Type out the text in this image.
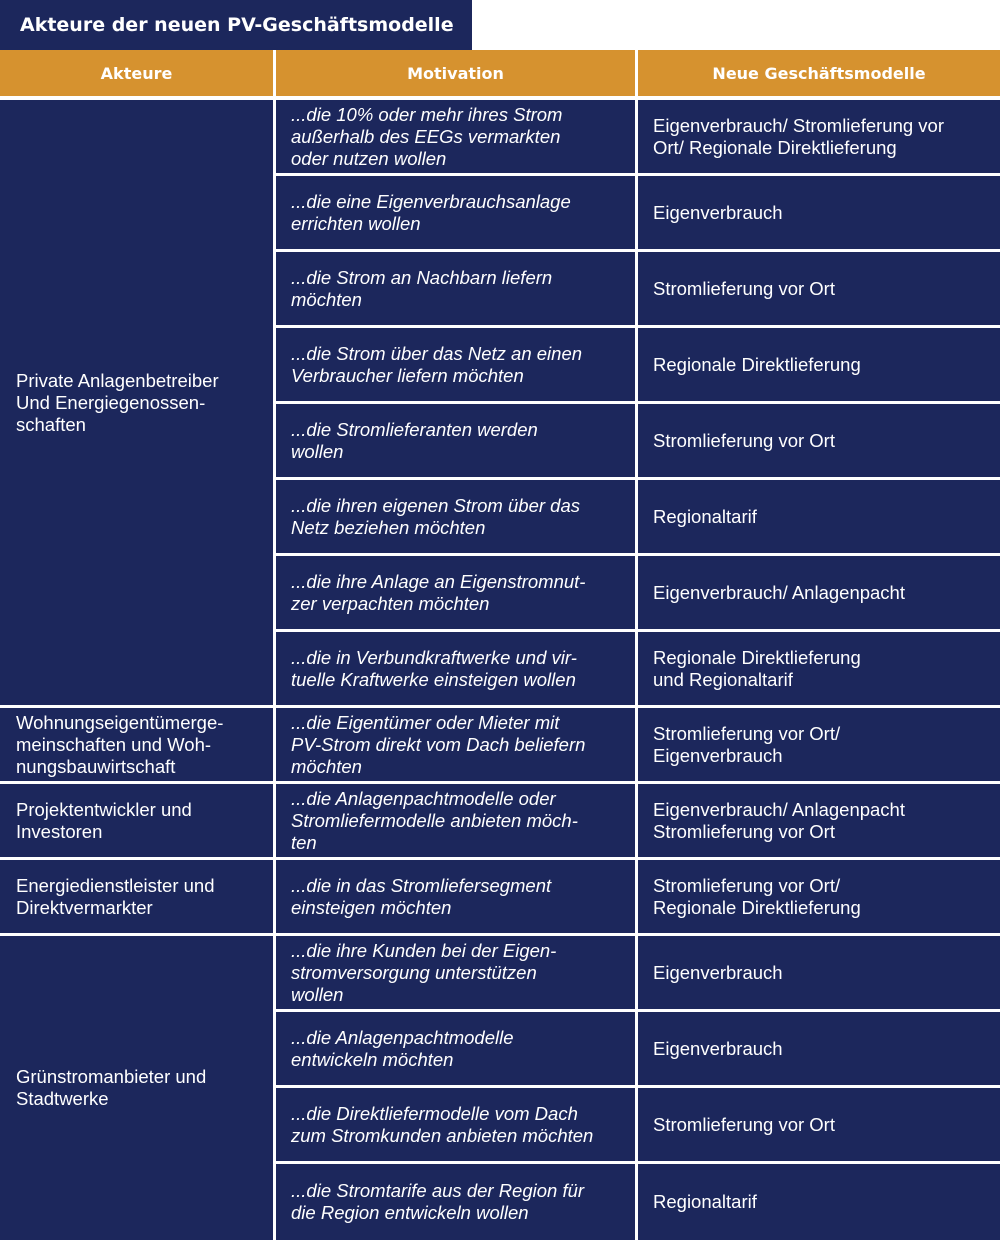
Akteure der neuen PV-Geschäftsmodelle
Akteure	Motivation	Neue Geschäftsmodelle
Private Anlagenbetreiber
Und Energiegenossen-
schaften
Wohnungseigentümerge-
meinschaften und Woh-
nungsbauwirtschaft
Projektentwickler und
Investoren
Energiedienstleister und
Direktvermarkter
Grünstromanbieter und
Stadtwerke
...die 10% oder mehr ihres Strom
außerhalb des EEGs vermarkten
oder nutzen wollen
Eigenverbrauch/ Stromlieferung vor
Ort/ Regionale Direktlieferung
...die eine Eigenverbrauchsanlage
errichten wollen
Eigenverbrauch
...die Strom an Nachbarn liefern
möchten
Stromlieferung vor Ort
...die Strom über das Netz an einen
Verbraucher liefern möchten
Regionale Direktlieferung
...die Stromlieferanten werden
wollen
Stromlieferung vor Ort
...die ihren eigenen Strom über das
Netz beziehen möchten
Regionaltarif
...die ihre Anlage an Eigenstromnut-
zer verpachten möchten
Eigenverbrauch/ Anlagenpacht
...die in Verbundkraftwerke und vir-
tuelle Kraftwerke einsteigen wollen
Regionale Direktlieferung
und Regionaltarif
...die Eigentümer oder Mieter mit
PV-Strom direkt vom Dach beliefern
möchten
Stromlieferung vor Ort/
Eigenverbrauch
...die Anlagenpachtmodelle oder
Stromliefermodelle anbieten möch-
ten
Eigenverbrauch/ Anlagenpacht
Stromlieferung vor Ort
...die in das Stromliefersegment
einsteigen möchten
Stromlieferung vor Ort/
Regionale Direktlieferung
...die ihre Kunden bei der Eigen-
stromversorgung unterstützen
wollen
Eigenverbrauch
...die Anlagenpachtmodelle
entwickeln möchten
Eigenverbrauch
...die Direktliefermodelle vom Dach
zum Stromkunden anbieten möchten
Stromlieferung vor Ort
...die Stromtarife aus der Region für
die Region entwickeln wollen
Regionaltarif
